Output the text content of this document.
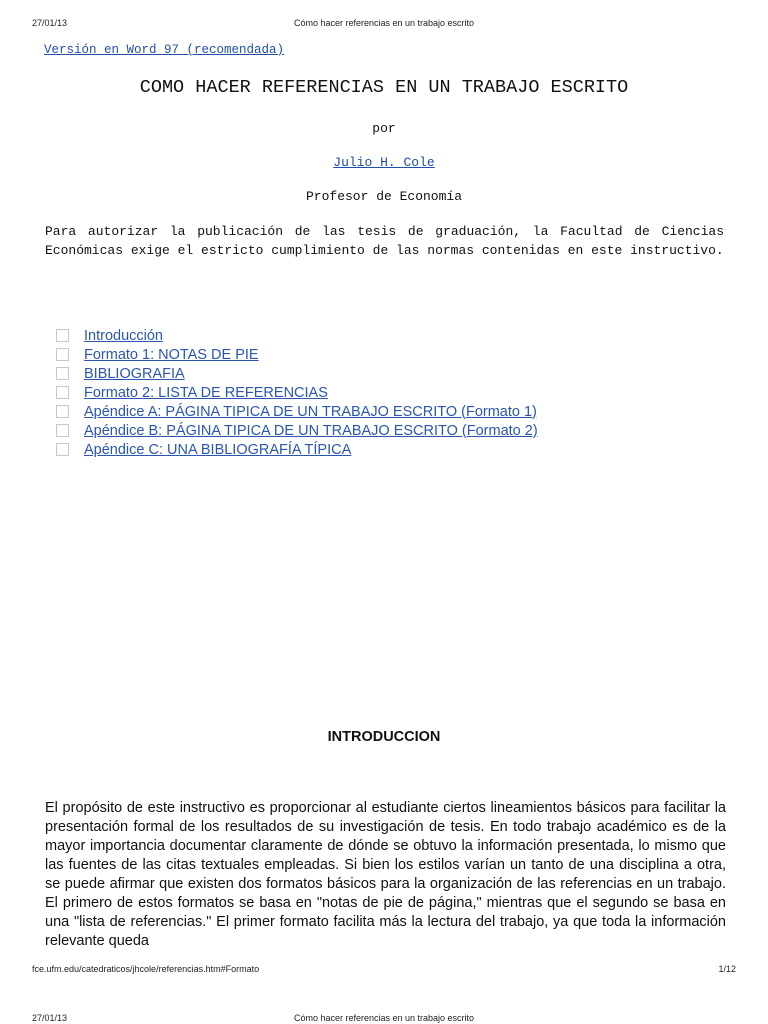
27/01/13	Cómo hacer referencias en un trabajo escrito
Versión en Word 97 (recomendada)
COMO HACER REFERENCIAS EN UN TRABAJO ESCRITO
por
Julio H. Cole
Profesor de Economía
Para autorizar la publicación de las tesis de graduación, la Facultad de Ciencias Económicas exige el estricto cumplimiento de las normas contenidas en este instructivo.
Introducción
Formato 1: NOTAS DE PIE
BIBLIOGRAFIA
Formato 2: LISTA DE REFERENCIAS
Apéndice A: PÁGINA TIPICA DE UN TRABAJO ESCRITO (Formato 1)
Apéndice B: PÁGINA TIPICA DE UN TRABAJO ESCRITO (Formato 2)
Apéndice C: UNA BIBLIOGRAFÍA TÍPICA
INTRODUCCION
El propósito de este instructivo es proporcionar al estudiante ciertos lineamientos básicos para facilitar la presentación formal de los resultados de su investigación de tesis. En todo trabajo académico es de la mayor importancia documentar claramente de dónde se obtuvo la información presentada, lo mismo que las fuentes de las citas textuales empleadas. Si bien los estilos varían un tanto de una disciplina a otra, se puede afirmar que existen dos formatos básicos para la organización de las referencias en un trabajo. El primero de estos formatos se basa en "notas de pie de página," mientras que el segundo se basa en una "lista de referencias." El primer formato facilita más la lectura del trabajo, ya que toda la información relevante queda
fce.ufm.edu/catedraticos/jhcole/referencias.htm#Formato	1/12
27/01/13	Cómo hacer referencias en un trabajo escrito
